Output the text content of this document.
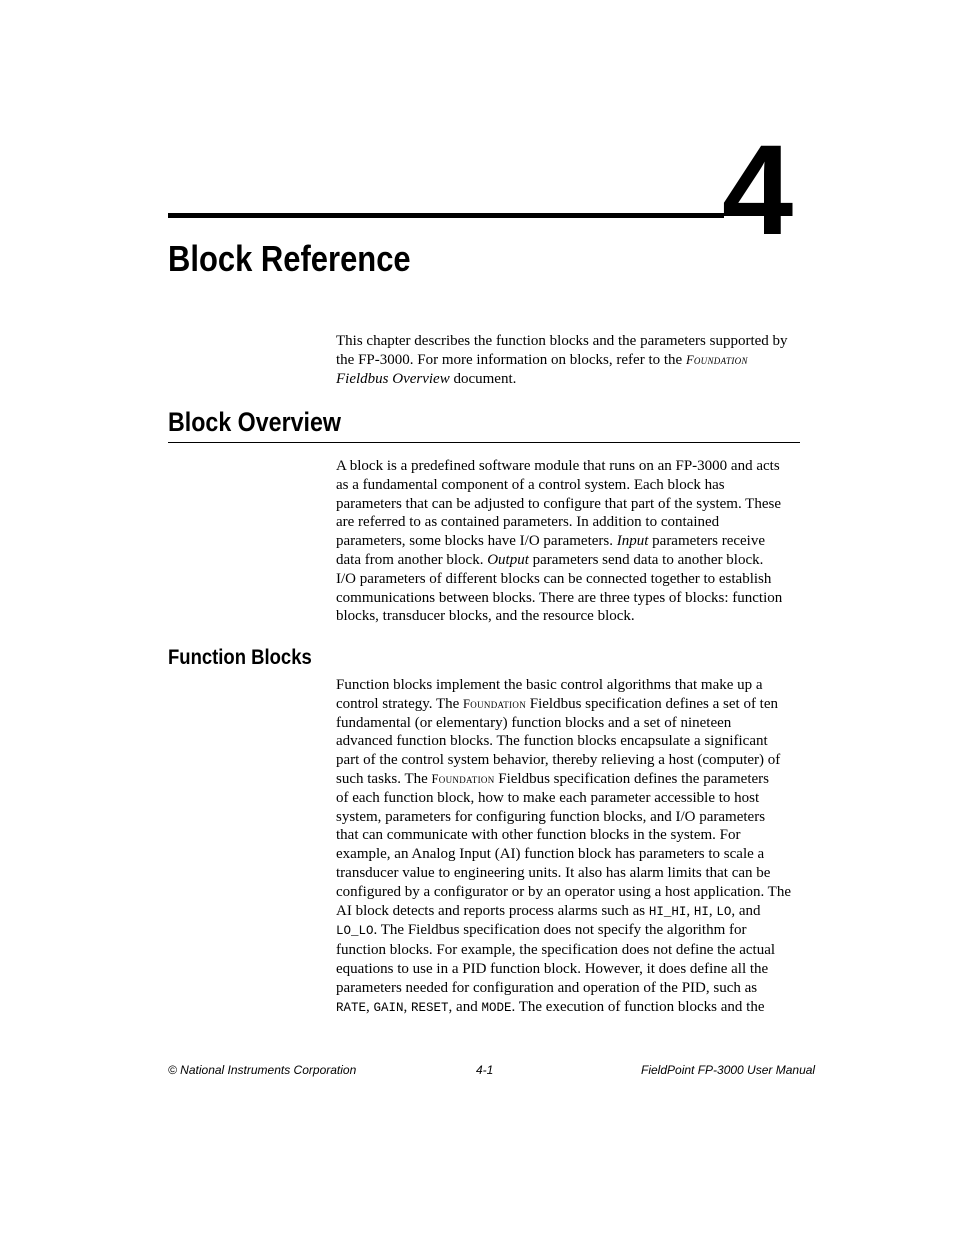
4
Block Reference

This chapter describes the function blocks and the parameters supported by
the FP-3000. For more information on blocks, refer to the Foundation
Fieldbus Overview document.

Block Overview

A block is a predefined software module that runs on an FP-3000 and acts
as a fundamental component of a control system. Each block has
parameters that can be adjusted to configure that part of the system. These
are referred to as contained parameters. In addition to contained
parameters, some blocks have I/O parameters. Input parameters receive
data from another block. Output parameters send data to another block.
I/O parameters of different blocks can be connected together to establish
communications between blocks. There are three types of blocks: function
blocks, transducer blocks, and the resource block.

Function Blocks

Function blocks implement the basic control algorithms that make up a
control strategy. The Foundation Fieldbus specification defines a set of ten
fundamental (or elementary) function blocks and a set of nineteen
advanced function blocks. The function blocks encapsulate a significant
part of the control system behavior, thereby relieving a host (computer) of
such tasks. The Foundation Fieldbus specification defines the parameters
of each function block, how to make each parameter accessible to host
system, parameters for configuring function blocks, and I/O parameters
that can communicate with other function blocks in the system. For
example, an Analog Input (AI) function block has parameters to scale a
transducer value to engineering units. It also has alarm limits that can be
configured by a configurator or by an operator using a host application. The
AI block detects and reports process alarms such as HI_HI, HI, LO, and
LO_LO. The Fieldbus specification does not specify the algorithm for
function blocks. For example, the specification does not define the actual
equations to use in a PID function block. However, it does define all the
parameters needed for configuration and operation of the PID, such as
RATE, GAIN, RESET, and MODE. The execution of function blocks and the

© National Instruments Corporation	4-1	FieldPoint FP-3000 User Manual
